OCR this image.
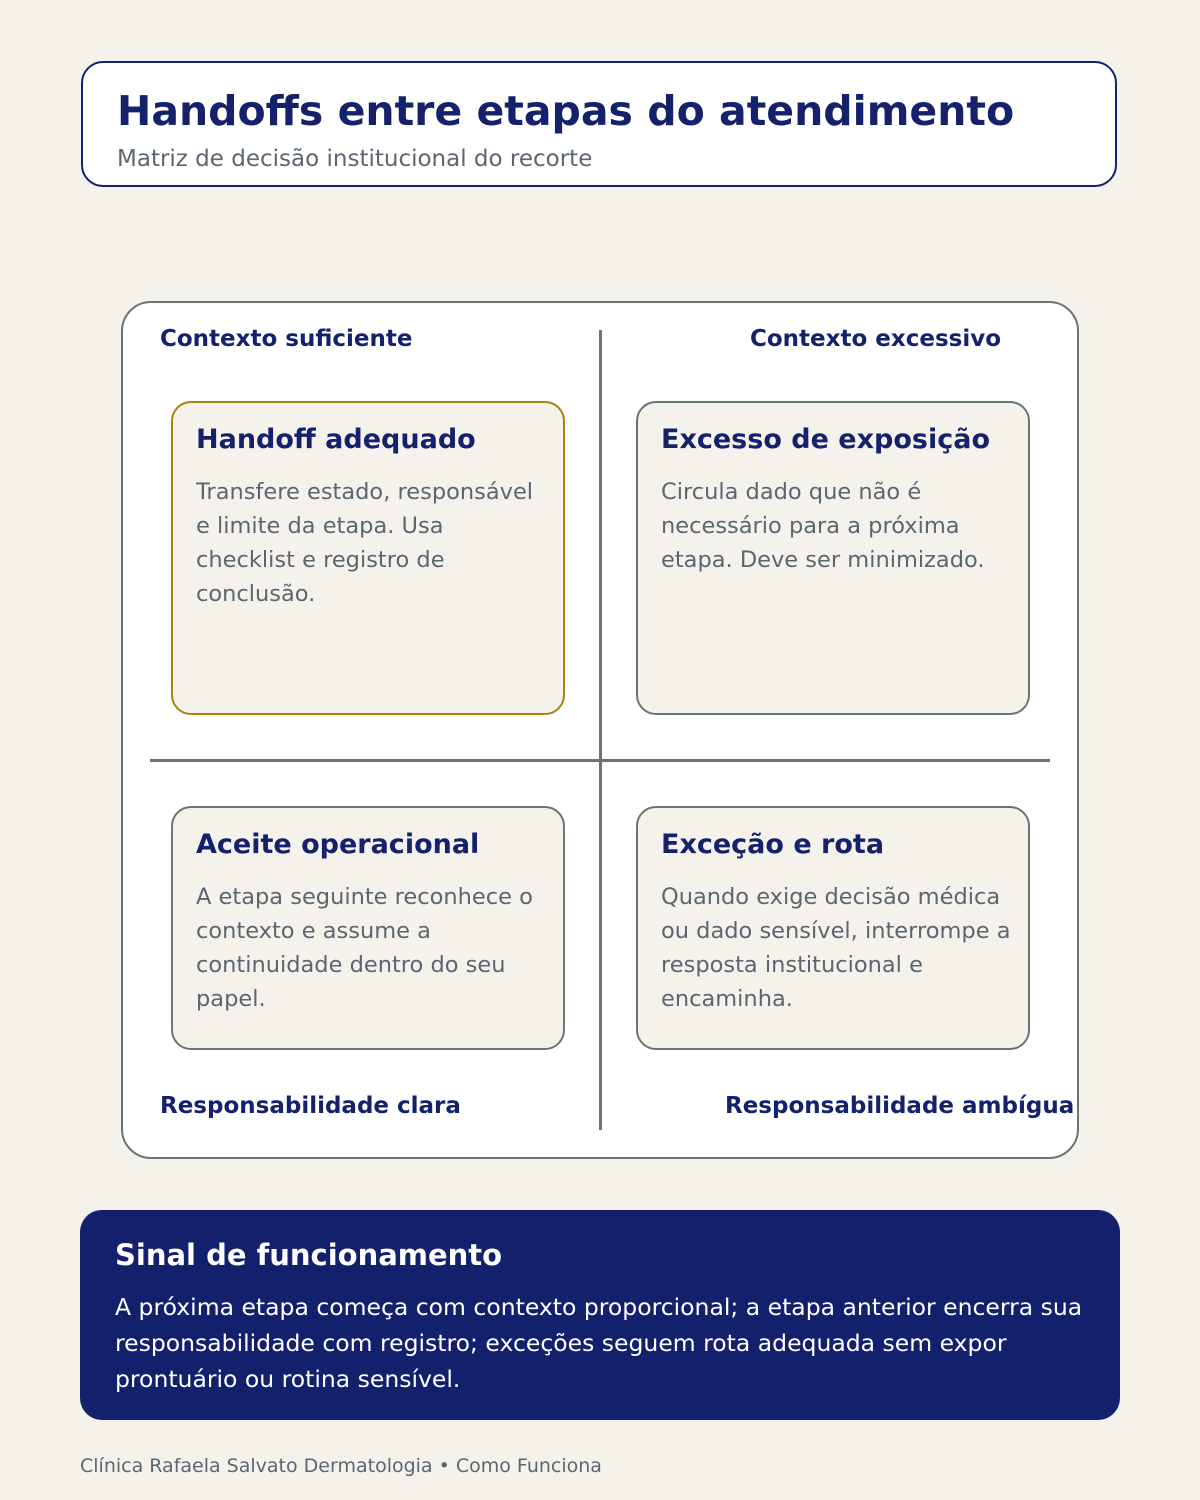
Handoffs entre etapas do atendimento
Matriz de decisão institucional do recorte
Contexto suficiente	Contexto excessivo
Responsabilidade clara	Responsabilidade ambígua
Handoff adequado
Transfere estado, responsável e limite da etapa. Usa checklist e registro de conclusão.
Excesso de exposição
Circula dado que não é necessário para a próxima etapa. Deve ser minimizado.
Aceite operacional
A etapa seguinte reconhece o contexto e assume a continuidade dentro do seu papel.
Exceção e rota
Quando exige decisão médica ou dado sensível, interrompe a resposta institucional e encaminha.
Sinal de funcionamento
A próxima etapa começa com contexto proporcional; a etapa anterior encerra sua responsabilidade com registro; exceções seguem rota adequada sem expor prontuário ou rotina sensível.
Clínica Rafaela Salvato Dermatologia • Como Funciona
